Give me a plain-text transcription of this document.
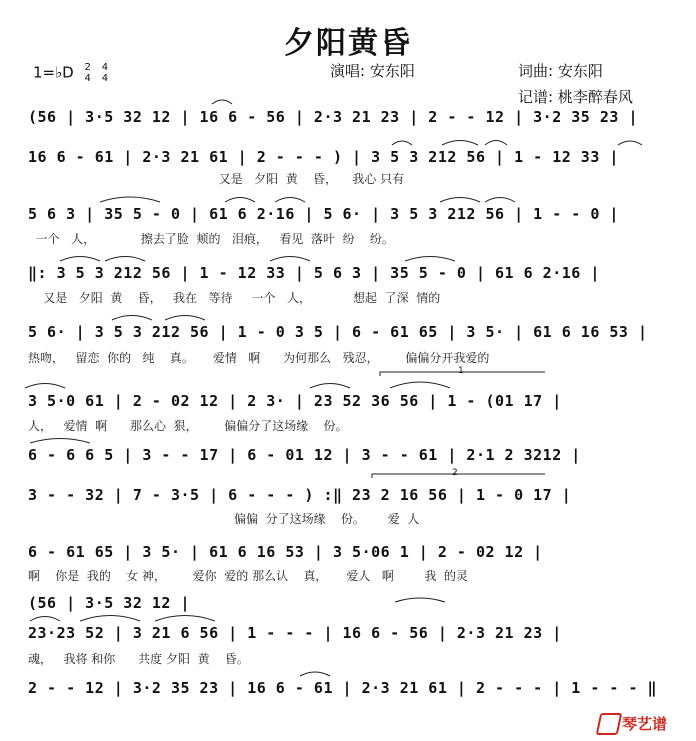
夕阳黄昏
1=♭D 2
4 4
4	演唱: 安东阳	词曲: 安东阳
记谱: 桃李醉春风
(56 | 3·5 32 12 | 16 6 - 56 | 2·3 21 23 | 2 - - 12 | 3·2 35 23 |
16 6 - 61 | 2·3 21 61 | 2 - - - ) | 3 5 3 212 56 | 1 - 12 33 |
又是   夕阳  黄    昏，    我心 只有
5 6 3 | 35 5 - 0 | 61 6 2·16 | 5 6· | 3 5 3 212 56 | 1 - - 0 |
一个   人，            擦去了脸  颊的   泪痕，   看见  落叶  纷    纷。
‖: 3 5 3 212 56 | 1 - 12 33 | 5 6 3 | 35 5 - 0 | 61 6 2·16 |
又是   夕阳  黄    昏，   我在   等待     一个   人，           想起  了深  情的
5 6· | 3 5 3 212 56 | 1 - 0 3 5 | 6 - 61 65 | 3 5· | 61 6 16 53 |
热吻，   留恋  你的   纯    真。     爱情   啊      为何那么   残忍，       偏偏分开我爱的
3 5·0 61 | 2 - 02 12 | 2 3· | 23 52 36 56 | 1 - (01 17 |
人，   爱情  啊      那么心  狠，       偏偏分了这场缘    份。
6 - 6 6 5 | 3 - - 17 | 6 - 01 12 | 3 - - 61 | 2·1 2 3212 |
3 - - 32 | 7 - 3·5 | 6 - - - ) :‖ 23 2 16 56 | 1 - 0 17 |
偏偏  分了这场缘    份。      爱  人
6 - 61 65 | 3 5· | 61 6 16 53 | 3 5·06 1 | 2 - 02 12 |
啊    你是  我的    女 神，       爱你  爱的 那么认    真，     爱人   啊        我  的灵
(56 | 3·5 32 12 |
23·23 52 | 3 21 6 56 | 1 - - - | 16 6 - 56 | 2·3 21 23 |
魂，   我将 和你      共度 夕阳  黄    昏。
2 - - 12 | 3·2 35 23 | 16 6 - 61 | 2·3 21 61 | 2 - - - | 1 - - - ‖
1
2
琴艺谱
